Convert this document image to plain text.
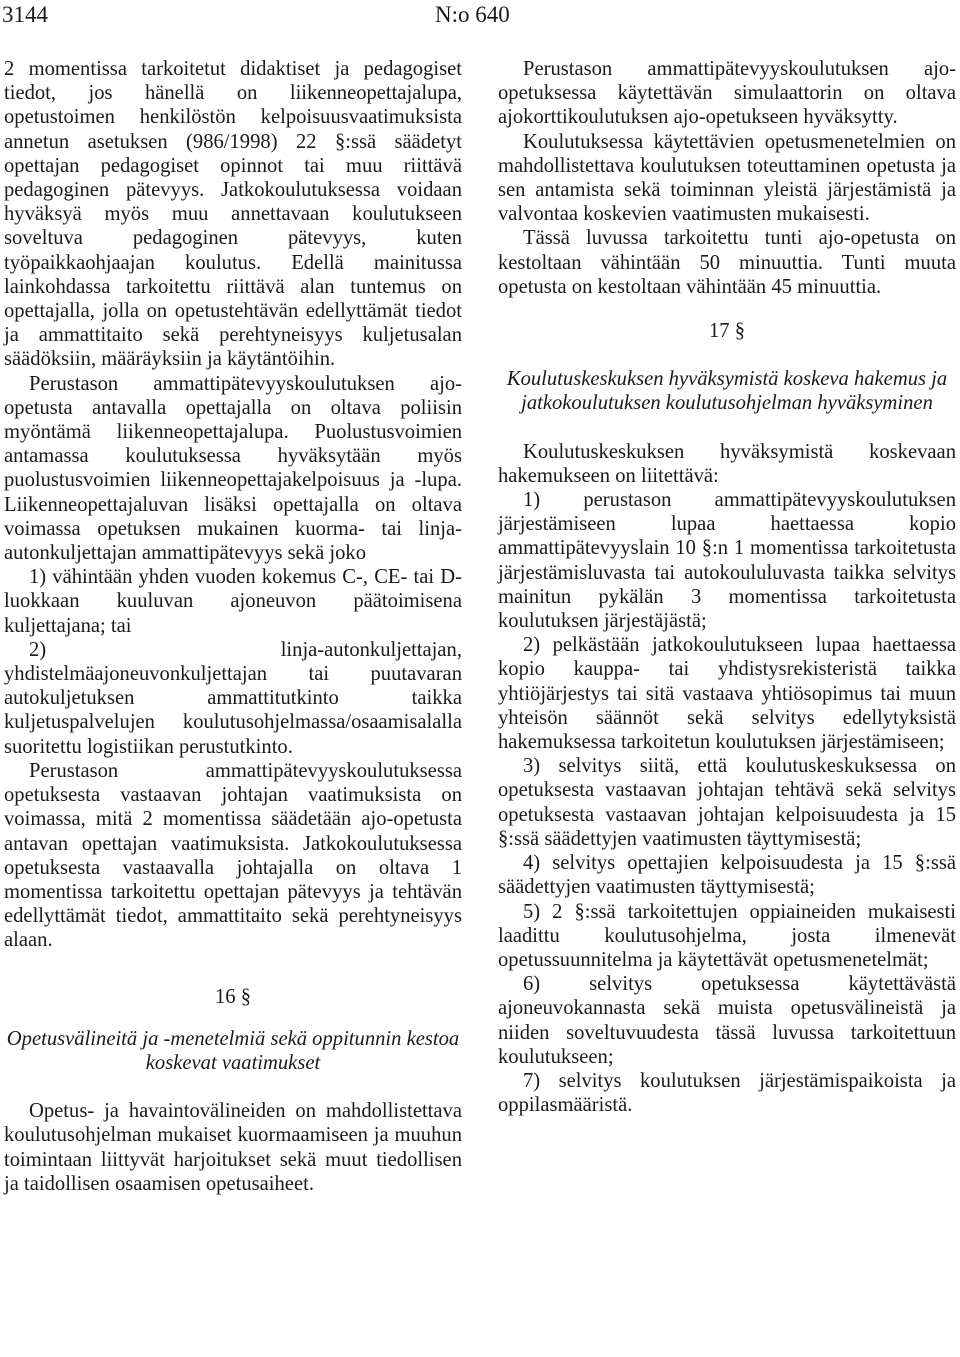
3144	N:o 640

2 momentissa tarkoitetut didaktiset ja pedagogiset tiedot, jos hänellä on liikenneopettajalupa, opetustoimen henkilöstön kelpoisuusvaatimuksista annetun asetuksen (986/1998) 22 §:ssä säädetyt opettajan pedagogiset opinnot tai muu riittävä pedagoginen pätevyys. Jatkokoulutuksessa voidaan hyväksyä myös muu annettavaan koulutukseen soveltuva pedagoginen pätevyys, kuten työpaikkaohjaajan koulutus. Edellä mainitussa lainkohdassa tarkoitettu riittävä alan tuntemus on opettajalla, jolla on opetustehtävän edellyttämät tiedot ja ammattitaito sekä perehtyneisyys kuljetusalan säädöksiin, määräyksiin ja käytäntöihin.

Perustason ammattipätevyyskoulutuksen ajo-opetusta antavalla opettajalla on oltava poliisin myöntämä liikenneopettajalupa. Puolustusvoimien antamassa koulutuksessa hyväksytään myös puolustusvoimien liikenneopettajakelpoisuus ja -lupa. Liikenneopettajaluvan lisäksi opettajalla on oltava voimassa opetuksen mukainen kuorma- tai linja-autonkuljettajan ammattipätevyys sekä joko

1) vähintään yhden vuoden kokemus C-, CE- tai D-luokkaan kuuluvan ajoneuvon päätoimisena kuljettajana; tai

2) linja-autonkuljettajan, yhdistelmäajoneuvonkuljettajan tai puutavaran autokuljetuksen ammattitutkinto taikka kuljetuspalvelujen koulutusohjelmassa/osaamisalalla suoritettu logistiikan perustutkinto.

Perustason ammattipätevyyskoulutuksessa opetuksesta vastaavan johtajan vaatimuksista on voimassa, mitä 2 momentissa säädetään ajo-opetusta antavan opettajan vaatimuksista. Jatkokoulutuksessa opetuksesta vastaavalla johtajalla on oltava 1 momentissa tarkoitettu opettajan pätevyys ja tehtävän edellyttämät tiedot, ammattitaito sekä perehtyneisyys alaan.

16 §
Opetusvälineitä ja -menetelmiä sekä oppitunnin kestoa koskevat vaatimukset

Opetus- ja havaintovälineiden on mahdollistettava koulutusohjelman mukaiset kuormaamiseen ja muuhun toimintaan liittyvät harjoitukset sekä muut tiedollisen ja taidollisen osaamisen opetusaiheet.

Perustason ammattipätevyyskoulutuksen ajo-opetuksessa käytettävän simulaattorin on oltava ajokorttikoulutuksen ajo-opetukseen hyväksytty.

Koulutuksessa käytettävien opetusmenetelmien on mahdollistettava koulutuksen toteuttaminen opetusta ja sen antamista sekä toiminnan yleistä järjestämistä ja valvontaa koskevien vaatimusten mukaisesti.

Tässä luvussa tarkoitettu tunti ajo-opetusta on kestoltaan vähintään 50 minuuttia. Tunti muuta opetusta on kestoltaan vähintään 45 minuuttia.

17 §
Koulutuskeskuksen hyväksymistä koskeva hakemus ja jatkokoulutuksen koulutusohjelman hyväksyminen

Koulutuskeskuksen hyväksymistä koskevaan hakemukseen on liitettävä:

1) perustason ammattipätevyyskoulutuksen järjestämiseen lupaa haettaessa kopio ammattipätevyyslain 10 §:n 1 momentissa tarkoitetusta järjestämisluvasta tai autokoululuvasta taikka selvitys mainitun pykälän 3 momentissa tarkoitetusta koulutuksen järjestäjästä;

2) pelkästään jatkokoulutukseen lupaa haettaessa kopio kauppa- tai yhdistysrekisteristä taikka yhtiöjärjestys tai sitä vastaava yhtiösopimus tai muun yhteisön säännöt sekä selvitys edellytyksistä hakemuksessa tarkoitetun koulutuksen järjestämiseen;

3) selvitys siitä, että koulutuskeskuksessa on opetuksesta vastaavan johtajan tehtävä sekä selvitys opetuksesta vastaavan johtajan kelpoisuudesta ja 15 §:ssä säädettyjen vaatimusten täyttymisestä;

4) selvitys opettajien kelpoisuudesta ja 15 §:ssä säädettyjen vaatimusten täyttymisestä;

5) 2 §:ssä tarkoitettujen oppiaineiden mukaisesti laadittu koulutusohjelma, josta ilmenevät opetussuunnitelma ja käytettävät opetusmenetelmät;

6) selvitys opetuksessa käytettävästä ajoneuvokannasta sekä muista opetusvälineistä ja niiden soveltuvuudesta tässä luvussa tarkoitettuun koulutukseen;

7) selvitys koulutuksen järjestämispaikoista ja oppilasmääristä.
